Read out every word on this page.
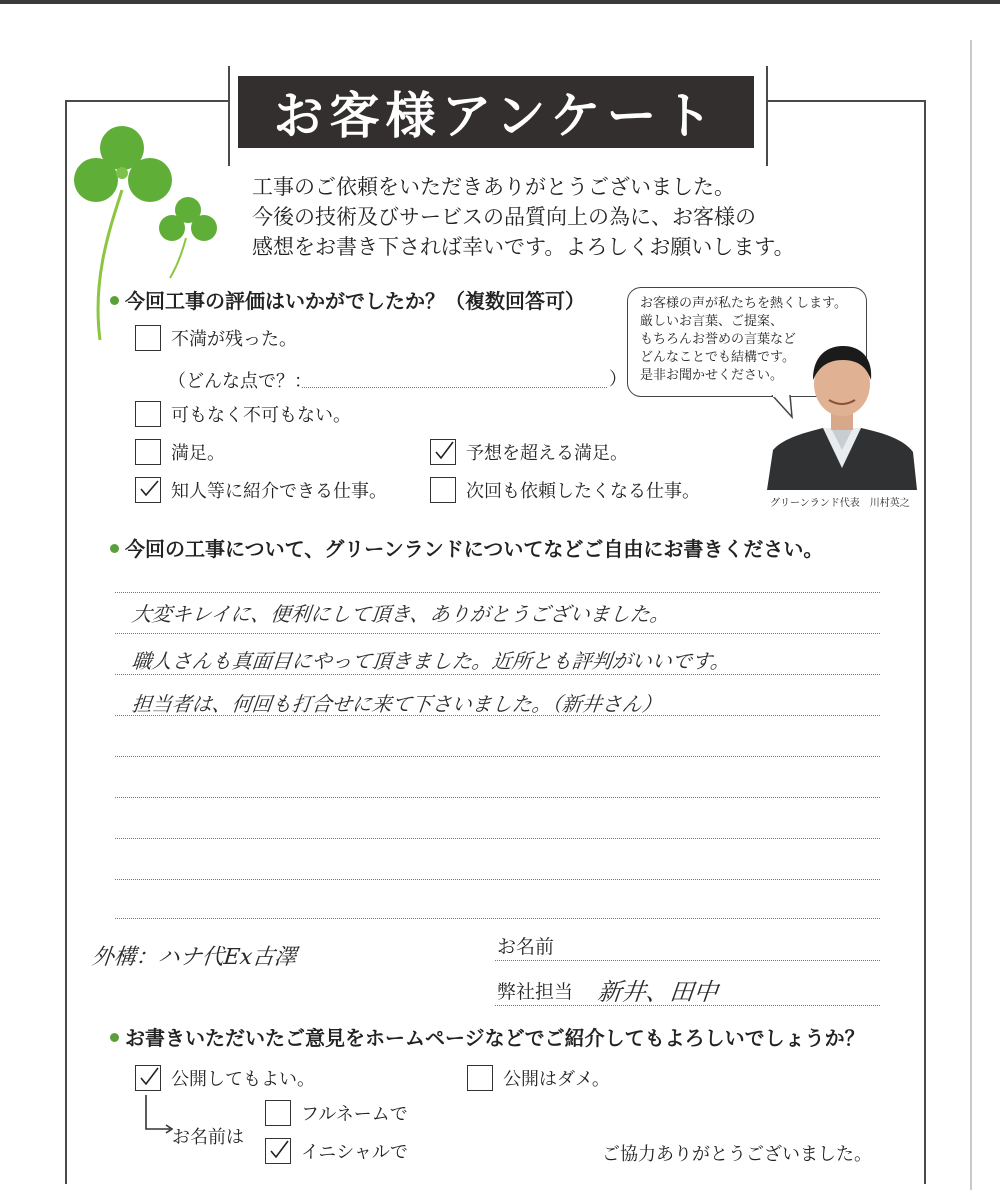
お客様アンケート
工事のご依頼をいただきありがとうございました。
今後の技術及びサービスの品質向上の為に、お客様の
感想をお書き下されば幸いです。よろしくお願いします。
今回工事の評価はいかがでしたか？（複数回答可）
不満が残った。
（どんな点で？：	）
可もなく不可もない。
満足。	予想を超える満足。
知人等に紹介できる仕事。	次回も依頼したくなる仕事。
お客様の声が私たちを熱くします。
厳しいお言葉、ご提案、
もちろんお誉めの言葉など
どんなことでも結構です。
是非お聞かせください。
グリーンランド代表　川村英之
今回の工事について、グリーンランドについてなどご自由にお書きください。
大変キレイに、便利にして頂き、ありがとうございました。
職人さんも真面目にやって頂きました。近所とも評判がいいです。
担当者は、何回も打合せに来て下さいました。（新井さん）
外構：ハナ代Ex古澤	お名前
弊社担当 新井、田中
お書きいただいたご意見をホームページなどでご紹介してもよろしいでしょうか？
公開してもよい。	公開はダメ。
お名前は
フルネームで
イニシャルで	ご協力ありがとうございました。
